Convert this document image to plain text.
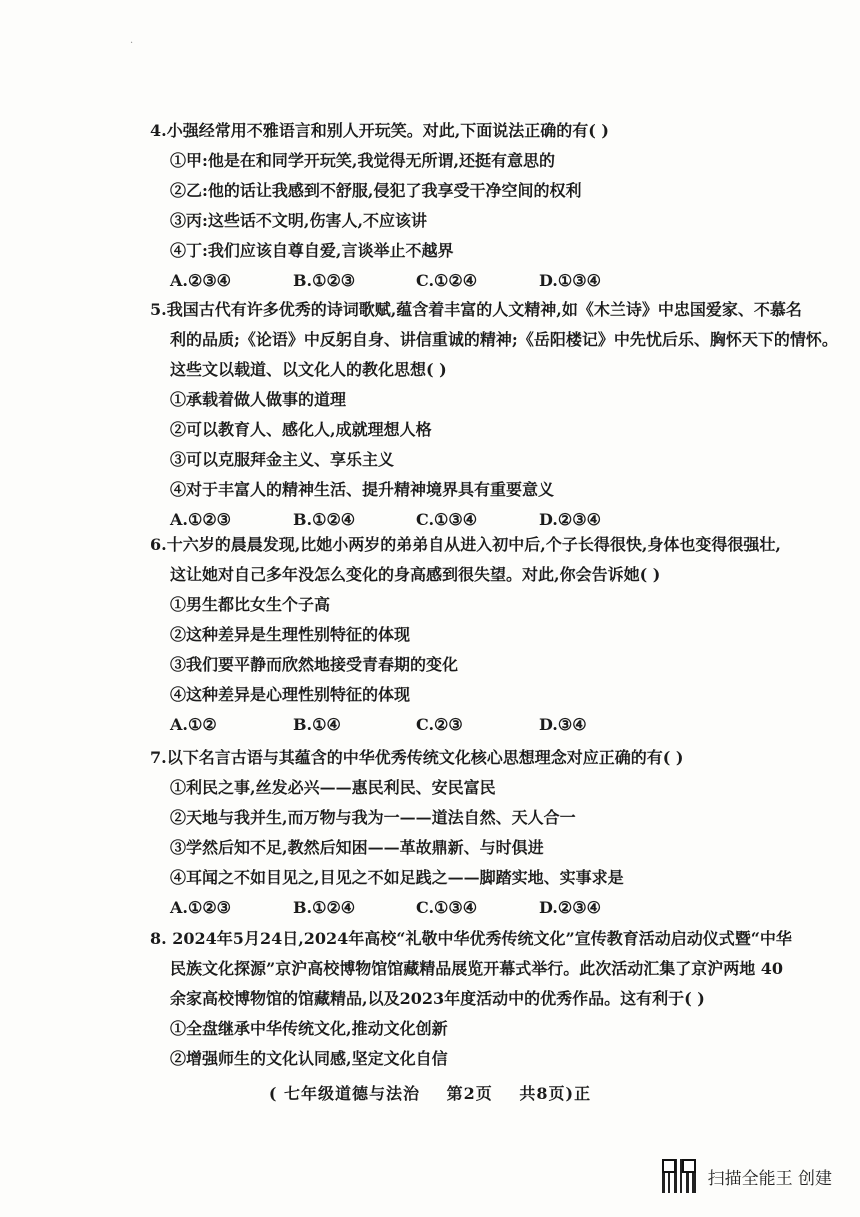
·
4.小强经常用不雅语言和别人开玩笑。对此,下面说法正确的有( )
①甲:他是在和同学开玩笑,我觉得无所谓,还挺有意思的
②乙:他的话让我感到不舒服,侵犯了我享受干净空间的权利
③丙:这些话不文明,伤害人,不应该讲
④丁:我们应该自尊自爱,言谈举止不越界
A.②③④	B.①②③	C.①②④	D.①③④
5.我国古代有许多优秀的诗词歌赋,蕴含着丰富的人文精神,如《木兰诗》中忠国爱家、不慕名
利的品质;《论语》中反躬自身、讲信重诚的精神;《岳阳楼记》中先忧后乐、胸怀天下的情怀。
这些文以载道、以文化人的教化思想( )
①承载着做人做事的道理
②可以教育人、感化人,成就理想人格
③可以克服拜金主义、享乐主义
④对于丰富人的精神生活、提升精神境界具有重要意义
A.①②③	B.①②④	C.①③④	D.②③④
6.十六岁的晨晨发现,比她小两岁的弟弟自从进入初中后,个子长得很快,身体也变得很强壮,
这让她对自己多年没怎么变化的身高感到很失望。对此,你会告诉她( )
①男生都比女生个子高
②这种差异是生理性别特征的体现
③我们要平静而欣然地接受青春期的变化
④这种差异是心理性别特征的体现
A.①②	B.①④	C.②③	D.③④
7.以下名言古语与其蕴含的中华优秀传统文化核心思想理念对应正确的有( )
①利民之事,丝发必兴——惠民利民、安民富民
②天地与我并生,而万物与我为一——道法自然、天人合一
③学然后知不足,教然后知困——革故鼎新、与时俱进
④耳闻之不如目见之,目见之不如足践之——脚踏实地、实事求是
A.①②③	B.①②④	C.①③④	D.②③④
8. 2024年5月24日,2024年高校“礼敬中华优秀传统文化”宣传教育活动启动仪式暨“中华
民族文化探源”京沪高校博物馆馆藏精品展览开幕式举行。此次活动汇集了京沪两地 40
余家高校博物馆的馆藏精品,以及2023年度活动中的优秀作品。这有利于( )
①全盘继承中华传统文化,推动文化创新
②增强师生的文化认同感,坚定文化自信
( 七年级道德与法治 第2页 共8页)正
扫描全能王 创建
